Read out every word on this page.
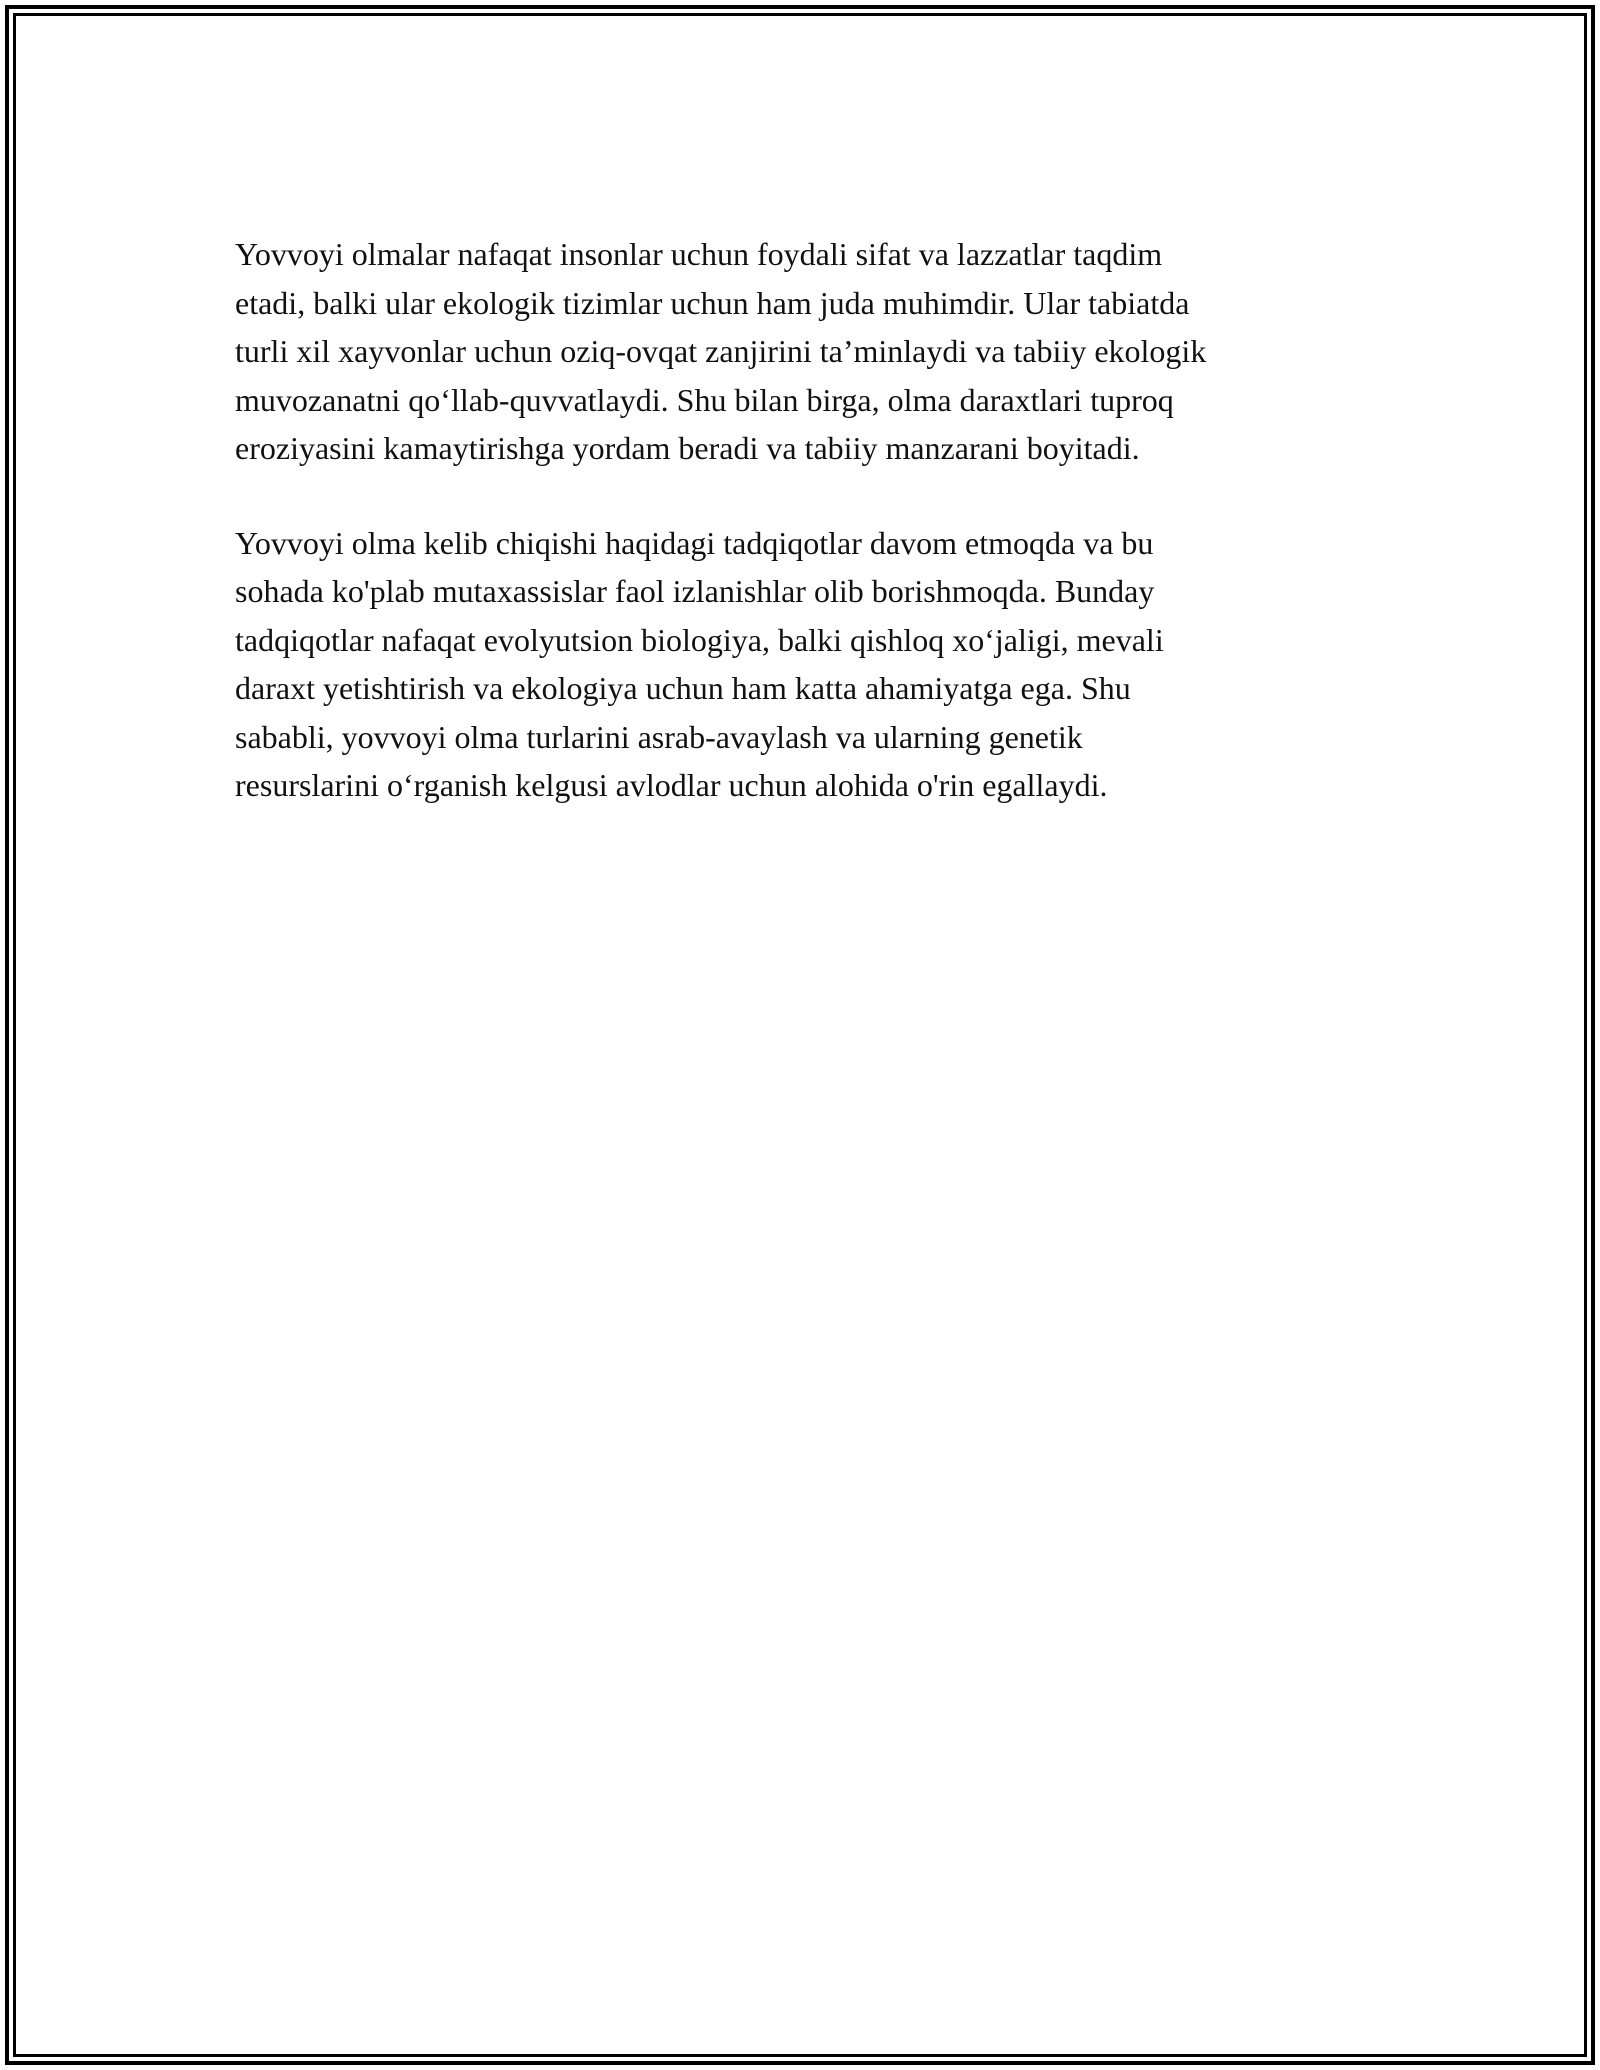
Yovvoyi olmalar nafaqat insonlar uchun foydali sifat va lazzatlar taqdim
etadi, balki ular ekologik tizimlar uchun ham juda muhimdir. Ular tabiatda
turli xil xayvonlar uchun oziq-ovqat zanjirini ta’minlaydi va tabiiy ekologik
muvozanatni qo‘llab-quvvatlaydi. Shu bilan birga, olma daraxtlari tuproq
eroziyasini kamaytirishga yordam beradi va tabiiy manzarani boyitadi.

Yovvoyi olma kelib chiqishi haqidagi tadqiqotlar davom etmoqda va bu
sohada ko'plab mutaxassislar faol izlanishlar olib borishmoqda. Bunday
tadqiqotlar nafaqat evolyutsion biologiya, balki qishloq xo‘jaligi, mevali
daraxt yetishtirish va ekologiya uchun ham katta ahamiyatga ega. Shu
sababli, yovvoyi olma turlarini asrab-avaylash va ularning genetik
resurslarini o‘rganish kelgusi avlodlar uchun alohida o'rin egallaydi.
